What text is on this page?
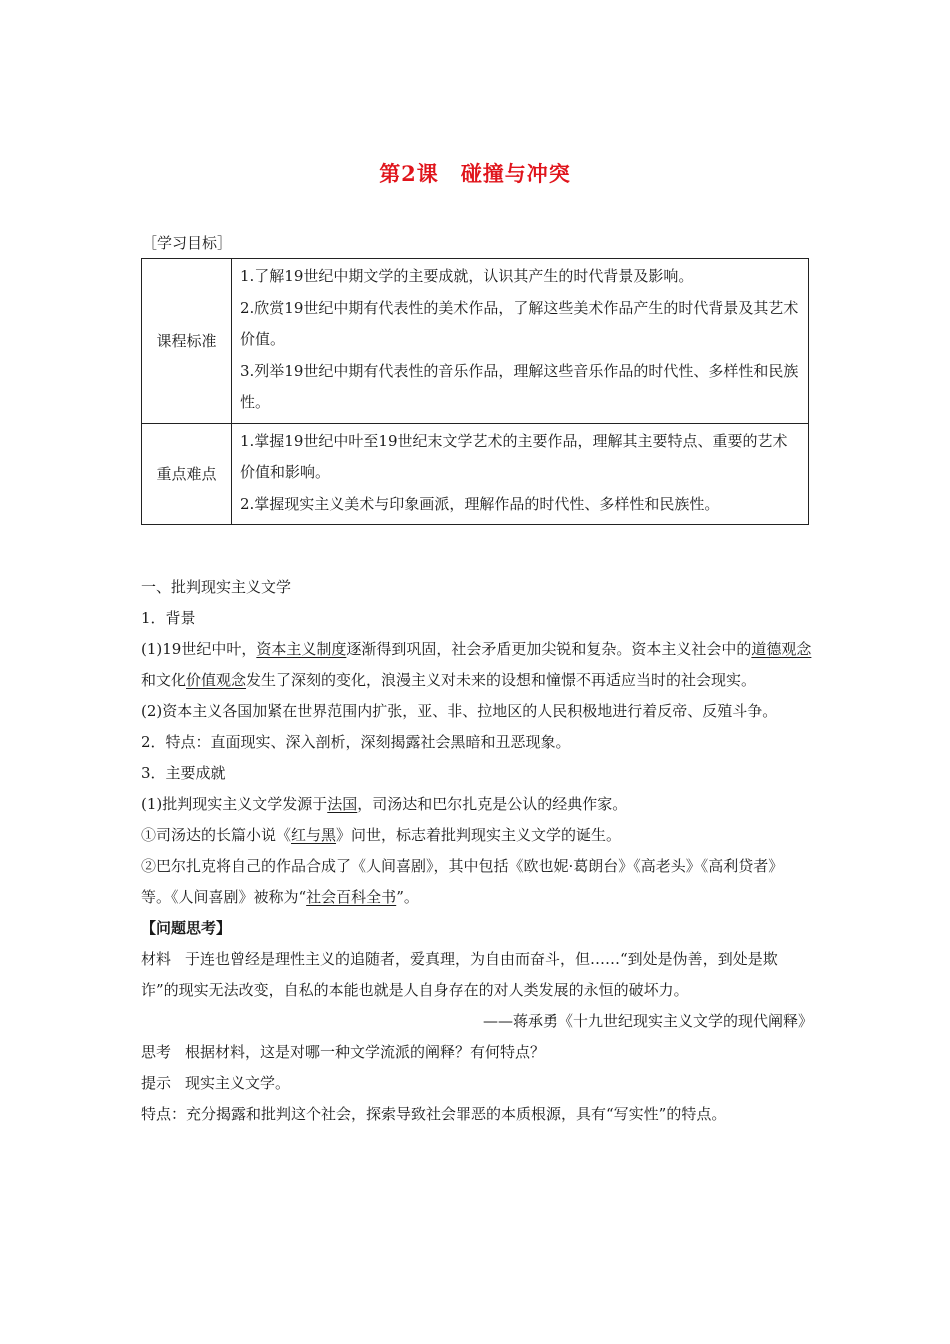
第2课 碰撞与冲突
［学习目标］
课程标准	1.了解19世纪中期文学的主要成就，认识其产生的时代背景及影响。
2.欣赏19世纪中期有代表性的美术作品，了解这些美术作品产生的时代背景及其艺术价值。
3.列举19世纪中期有代表性的音乐作品，理解这些音乐作品的时代性、多样性和民族性。

重点难点	1.掌握19世纪中叶至19世纪末文学艺术的主要作品，理解其主要特点、重要的艺术价值和影响。
2.掌握现实主义美术与印象画派，理解作品的时代性、多样性和民族性。

一、批判现实主义文学

1．背景

(1)19世纪中叶，资本主义制度逐渐得到巩固，社会矛盾更加尖锐和复杂。资本主义社会中的道德观念和文化价值观念发生了深刻的变化，浪漫主义对未来的设想和憧憬不再适应当时的社会现实。

(2)资本主义各国加紧在世界范围内扩张，亚、非、拉地区的人民积极地进行着反帝、反殖斗争。

2．特点：直面现实、深入剖析，深刻揭露社会黑暗和丑恶现象。

3．主要成就

(1)批判现实主义文学发源于法国，司汤达和巴尔扎克是公认的经典作家。

①司汤达的长篇小说《红与黑》问世，标志着批判现实主义文学的诞生。

②巴尔扎克将自己的作品合成了《人间喜剧》，其中包括《欧也妮·葛朗台》《高老头》《高利贷者》等。《人间喜剧》被称为“社会百科全书”。

【问题思考】

材料 于连也曾经是理性主义的追随者，爱真理，为自由而奋斗，但……“到处是伪善，到处是欺诈”的现实无法改变，自私的本能也就是人自身存在的对人类发展的永恒的破坏力。

——蒋承勇《十九世纪现实主义文学的现代阐释》

思考 根据材料，这是对哪一种文学流派的阐释？有何特点？

提示 现实主义文学。

特点：充分揭露和批判这个社会，探索导致社会罪恶的本质根源，具有“写实性”的特点。
